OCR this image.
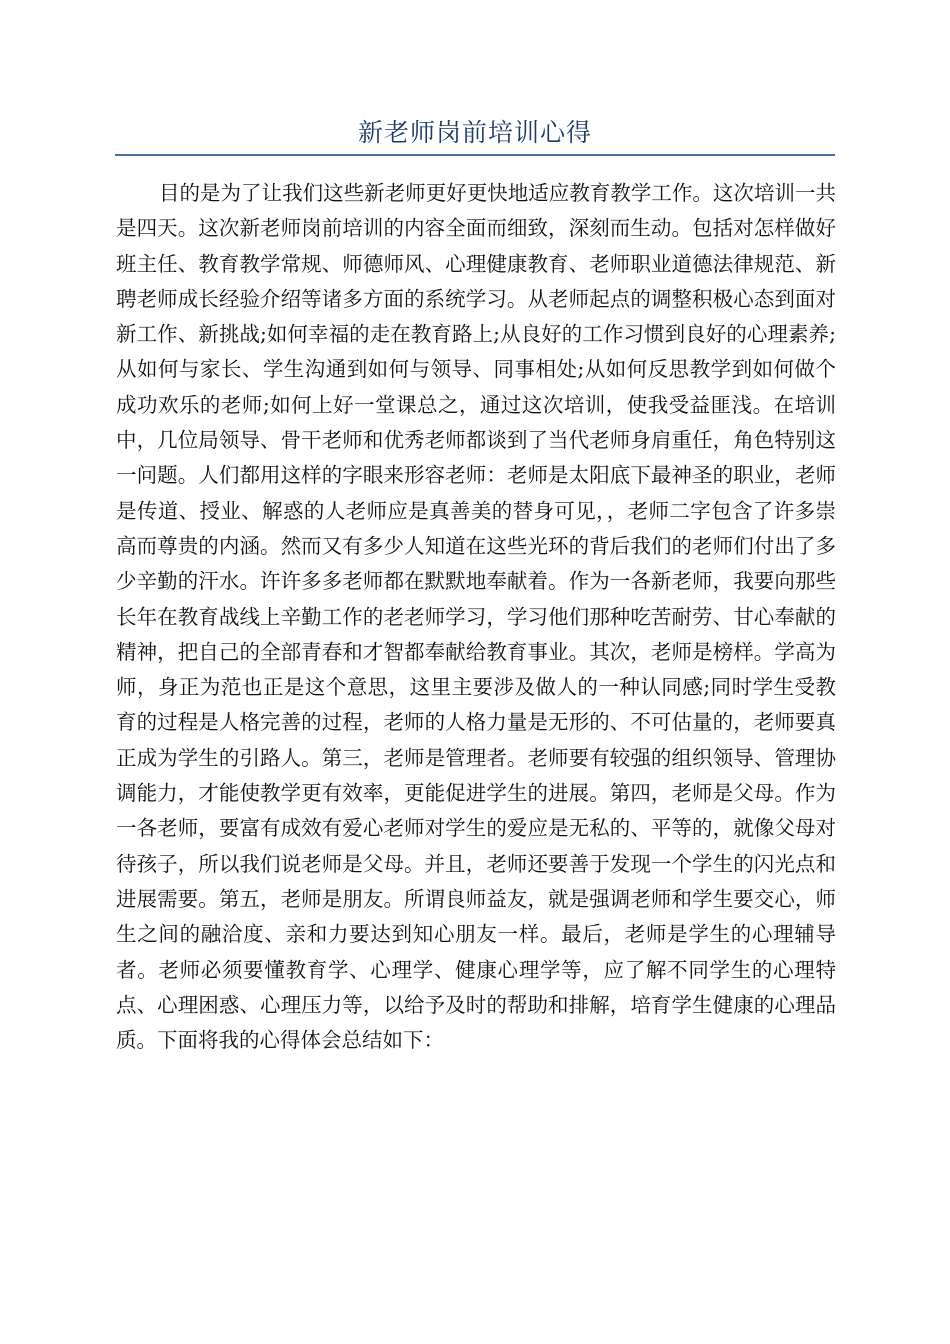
新老师岗前培训心得

目的是为了让我们这些新老师更好更快地适应教育教学工作。这次培训一共是四天。这次新老师岗前培训的内容全面而细致，深刻而生动。包括对怎样做好班主任、教育教学常规、师德师风、心理健康教育、老师职业道德法律规范、新聘老师成长经验介绍等诸多方面的系统学习。从老师起点的调整积极心态到面对新工作、新挑战;如何幸福的走在教育路上;从良好的工作习惯到良好的心理素养;从如何与家长、学生沟通到如何与领导、同事相处;从如何反思教学到如何做个成功欢乐的老师;如何上好一堂课总之，通过这次培训，使我受益匪浅。在培训中，几位局领导、骨干老师和优秀老师都谈到了当代老师身肩重任，角色特别这一问题。人们都用这样的字眼来形容老师：老师是太阳底下最神圣的职业，老师是传道、授业、解惑的人老师应是真善美的替身可见，，老师二字包含了许多崇高而尊贵的内涵。然而又有多少人知道在这些光环的背后我们的老师们付出了多少辛勤的汗水。许许多多老师都在默默地奉献着。作为一各新老师，我要向那些长年在教育战线上辛勤工作的老老师学习，学习他们那种吃苦耐劳、甘心奉献的精神，把自己的全部青春和才智都奉献给教育事业。其次，老师是榜样。学高为师，身正为范也正是这个意思，这里主要涉及做人的一种认同感;同时学生受教育的过程是人格完善的过程，老师的人格力量是无形的、不可估量的，老师要真正成为学生的引路人。第三，老师是管理者。老师要有较强的组织领导、管理协调能力，才能使教学更有效率，更能促进学生的进展。第四，老师是父母。作为一各老师，要富有成效有爱心老师对学生的爱应是无私的、平等的，就像父母对待孩子，所以我们说老师是父母。并且，老师还要善于发现一个学生的闪光点和进展需要。第五，老师是朋友。所谓良师益友，就是强调老师和学生要交心，师生之间的融洽度、亲和力要达到知心朋友一样。最后，老师是学生的心理辅导者。老师必须要懂教育学、心理学、健康心理学等，应了解不同学生的心理特点、心理困惑、心理压力等，以给予及时的帮助和排解，培育学生健康的心理品质。下面将我的心得体会总结如下：
